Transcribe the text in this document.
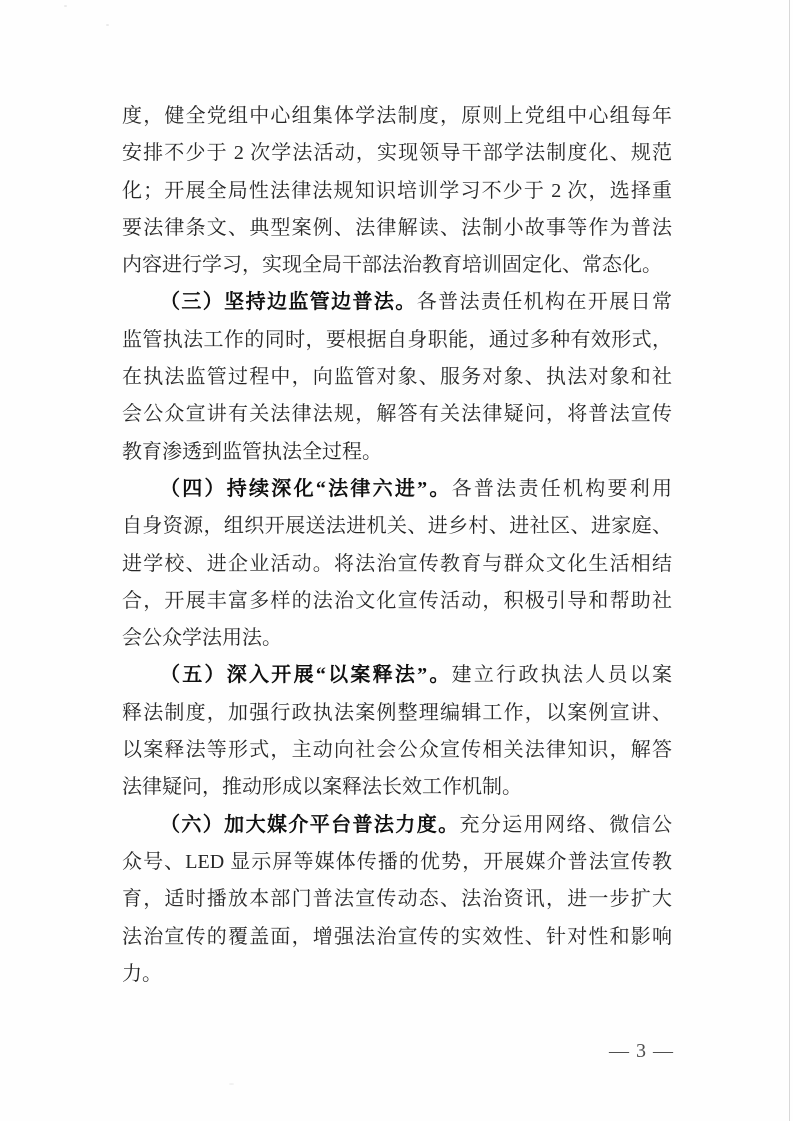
度，健全党组中心组集体学法制度，原则上党组中心组每年
安排不少于 2 次学法活动，实现领导干部学法制度化、规范
化；开展全局性法律法规知识培训学习不少于 2 次，选择重
要法律条文、典型案例、法律解读、法制小故事等作为普法
内容进行学习，实现全局干部法治教育培训固定化、常态化。
（三）坚持边监管边普法。各普法责任机构在开展日常
监管执法工作的同时，要根据自身职能，通过多种有效形式，
在执法监管过程中，向监管对象、服务对象、执法对象和社
会公众宣讲有关法律法规，解答有关法律疑问，将普法宣传
教育渗透到监管执法全过程。
（四）持续深化“法律六进”。各普法责任机构要利用
自身资源，组织开展送法进机关、进乡村、进社区、进家庭、
进学校、进企业活动。将法治宣传教育与群众文化生活相结
合，开展丰富多样的法治文化宣传活动，积极引导和帮助社
会公众学法用法。
（五）深入开展“以案释法”。建立行政执法人员以案
释法制度，加强行政执法案例整理编辑工作，以案例宣讲、
以案释法等形式，主动向社会公众宣传相关法律知识，解答
法律疑问，推动形成以案释法长效工作机制。
（六）加大媒介平台普法力度。充分运用网络、微信公
众号、LED 显示屏等媒体传播的优势，开展媒介普法宣传教
育，适时播放本部门普法宣传动态、法治资讯，进一步扩大
法治宣传的覆盖面，增强法治宣传的实效性、针对性和影响
力。
— 3 —
